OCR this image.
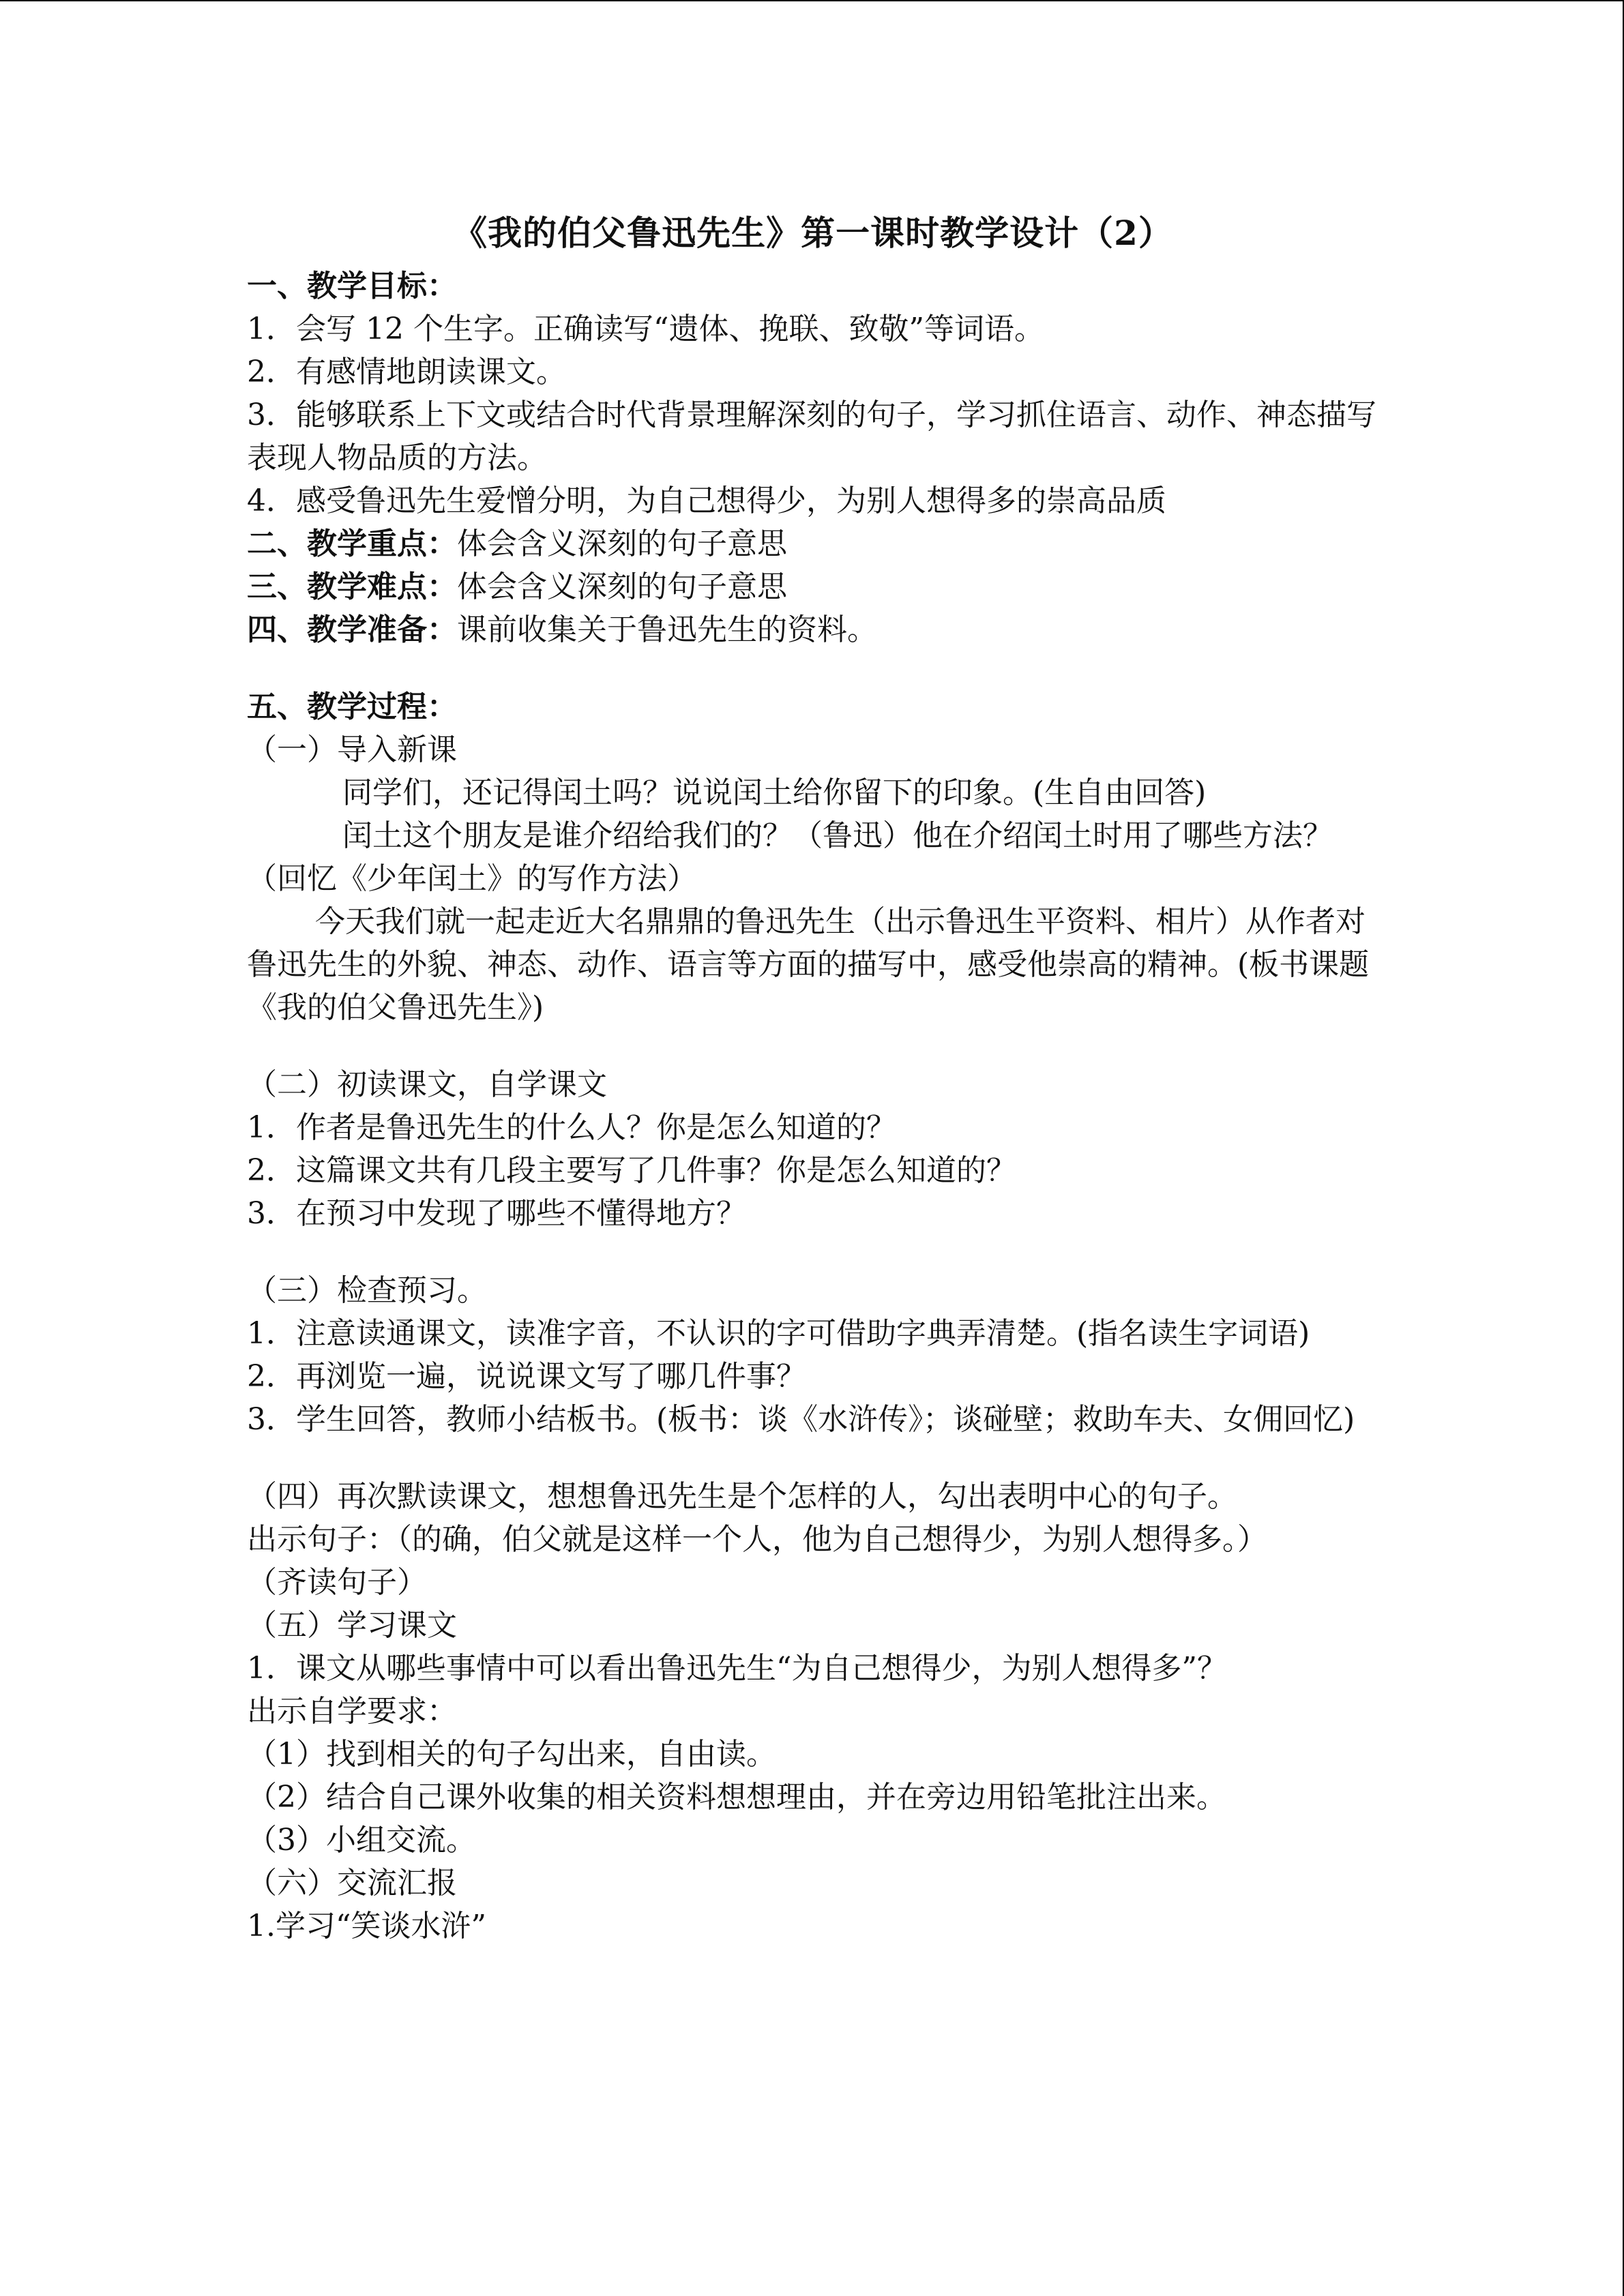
《我的伯父鲁迅先生》第一课时教学设计（2）
一、教学目标：
1．会写 12 个生字。正确读写“遗体、挽联、致敬”等词语。
2．有感情地朗读课文。
3．能够联系上下文或结合时代背景理解深刻的句子，学习抓住语言、动作、神态描写表现人物品质的方法。
4．感受鲁迅先生爱憎分明，为自己想得少，为别人想得多的崇高品质
二、教学重点：体会含义深刻的句子意思
三、教学难点：体会含义深刻的句子意思
四、教学准备：课前收集关于鲁迅先生的资料。
五、教学过程：
（一）导入新课
同学们，还记得闰土吗？说说闰土给你留下的印象。(生自由回答)
闰土这个朋友是谁介绍给我们的？（鲁迅）他在介绍闰土时用了哪些方法？（回忆《少年闰土》的写作方法）
今天我们就一起走近大名鼎鼎的鲁迅先生（出示鲁迅生平资料、相片）从作者对鲁迅先生的外貌、神态、动作、语言等方面的描写中，感受他崇高的精神。(板书课题《我的伯父鲁迅先生》)
（二）初读课文，自学课文
1．作者是鲁迅先生的什么人？你是怎么知道的？
2．这篇课文共有几段主要写了几件事？你是怎么知道的？
3．在预习中发现了哪些不懂得地方？
（三）检查预习。
1．注意读通课文，读准字音，不认识的字可借助字典弄清楚。(指名读生字词语)
2．再浏览一遍，说说课文写了哪几件事？
3．学生回答，教师小结板书。(板书：谈《水浒传》；谈碰壁；救助车夫、女佣回忆)
（四）再次默读课文，想想鲁迅先生是个怎样的人，勾出表明中心的句子。
出示句子：（的确，伯父就是这样一个人，他为自己想得少，为别人想得多。）
（齐读句子）
（五）学习课文
1．课文从哪些事情中可以看出鲁迅先生“为自己想得少，为别人想得多”？
出示自学要求：
（1）找到相关的句子勾出来，自由读。
（2）结合自己课外收集的相关资料想想理由，并在旁边用铅笔批注出来。
（3）小组交流。
（六）交流汇报
1.学习“笑谈水浒”
